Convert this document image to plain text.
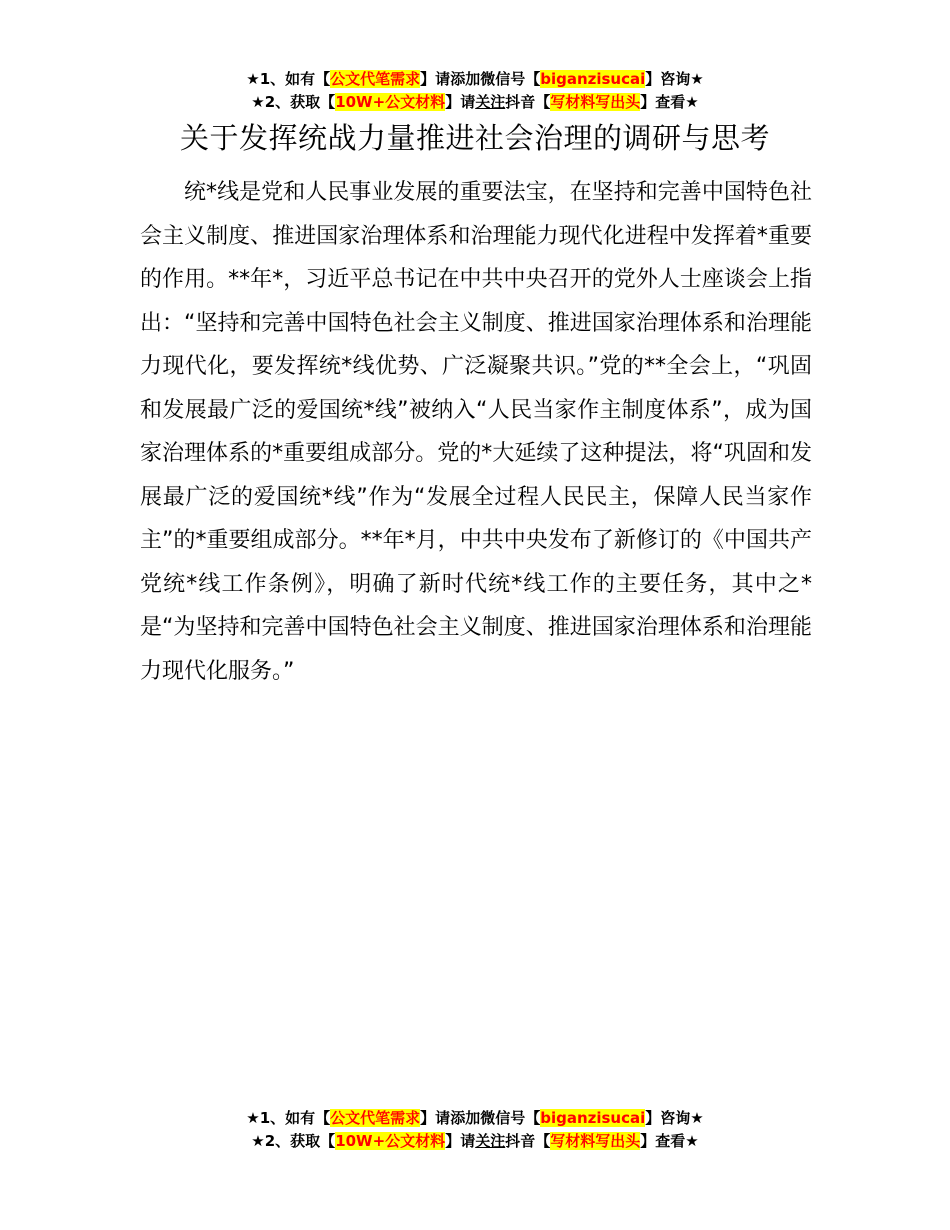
★1、如有【公文代笔需求】请添加微信号【biganzisucai】咨询★
★2、获取【10W+公文材料】请关注抖音【写材料写出头】查看★
关于发挥统战力量推进社会治理的调研与思考
统*线是党和人民事业发展的重要法宝，在坚持和完善中国特色社会主义制度、推进国家治理体系和治理能力现代化进程中发挥着*重要的作用。**年*，习近平总书记在中共中央召开的党外人士座谈会上指出：“坚持和完善中国特色社会主义制度、推进国家治理体系和治理能力现代化，要发挥统*线优势、广泛凝聚共识。”党的**全会上，“巩固和发展最广泛的爱国统*线”被纳入“人民当家作主制度体系”，成为国家治理体系的*重要组成部分。党的*大延续了这种提法，将“巩固和发展最广泛的爱国统*线”作为“发展全过程人民民主，保障人民当家作主”的*重要组成部分。**年*月，中共中央发布了新修订的《中国共产党统*线工作条例》，明确了新时代统*线工作的主要任务，其中之*是“为坚持和完善中国特色社会主义制度、推进国家治理体系和治理能力现代化服务。”
★1、如有【公文代笔需求】请添加微信号【biganzisucai】咨询★
★2、获取【10W+公文材料】请关注抖音【写材料写出头】查看★
